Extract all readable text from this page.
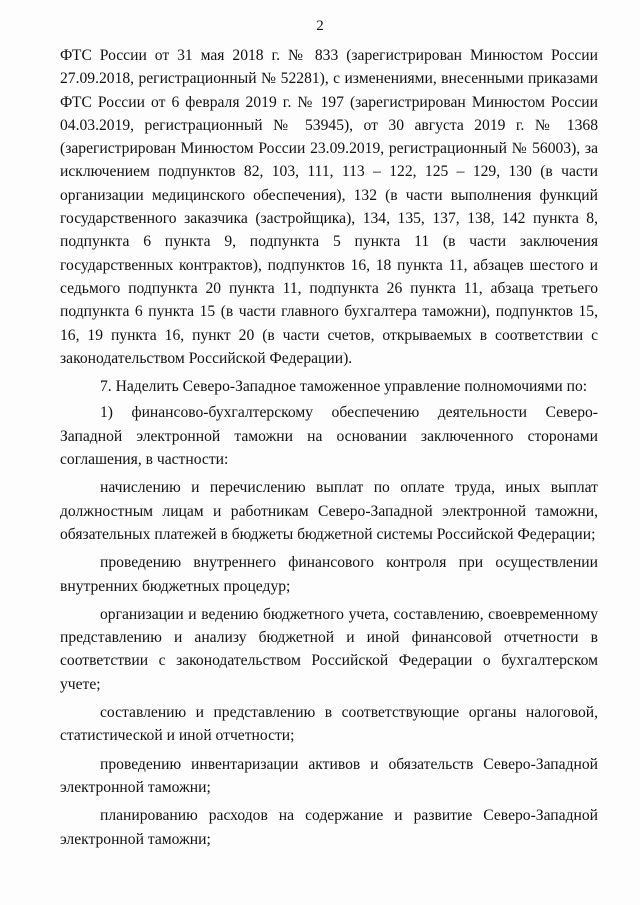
2

ФТС России от 31 мая 2018 г. № 833 (зарегистрирован Минюстом России 27.09.2018, регистрационный № 52281), с изменениями, внесенными приказами ФТС России от 6 февраля 2019 г. № 197 (зарегистрирован Минюстом России 04.03.2019, регистрационный № 53945), от 30 августа 2019 г. № 1368 (зарегистрирован Минюстом России 23.09.2019, регистрационный № 56003), за исключением подпунктов 82, 103, 111, 113 – 122, 125 – 129, 130 (в части организации медицинского обеспечения), 132 (в части выполнения функций государственного заказчика (застройщика), 134, 135, 137, 138, 142 пункта 8, подпункта 6 пункта 9, подпункта 5 пункта 11 (в части заключения государственных контрактов), подпунктов 16, 18 пункта 11, абзацев шестого и седьмого подпункта 20 пункта 11, подпункта 26 пункта 11, абзаца третьего подпункта 6 пункта 15 (в части главного бухгалтера таможни), подпунктов 15, 16, 19 пункта 16, пункт 20 (в части счетов, открываемых в соответствии с законодательством Российской Федерации).

7. Наделить Северо-Западное таможенное управление полномочиями по:

1) финансово-бухгалтерскому обеспечению деятельности Северо-Западной электронной таможни на основании заключенного сторонами соглашения, в частности:

начислению и перечислению выплат по оплате труда, иных выплат должностным лицам и работникам Северо-Западной электронной таможни, обязательных платежей в бюджеты бюджетной системы Российской Федерации;

проведению внутреннего финансового контроля при осуществлении внутренних бюджетных процедур;

организации и ведению бюджетного учета, составлению, своевременному представлению и анализу бюджетной и иной финансовой отчетности в соответствии с законодательством Российской Федерации о бухгалтерском учете;

составлению и представлению в соответствующие органы налоговой, статистической и иной отчетности;

проведению инвентаризации активов и обязательств Северо-Западной электронной таможни;

планированию расходов на содержание и развитие Северо-Западной электронной таможни;
